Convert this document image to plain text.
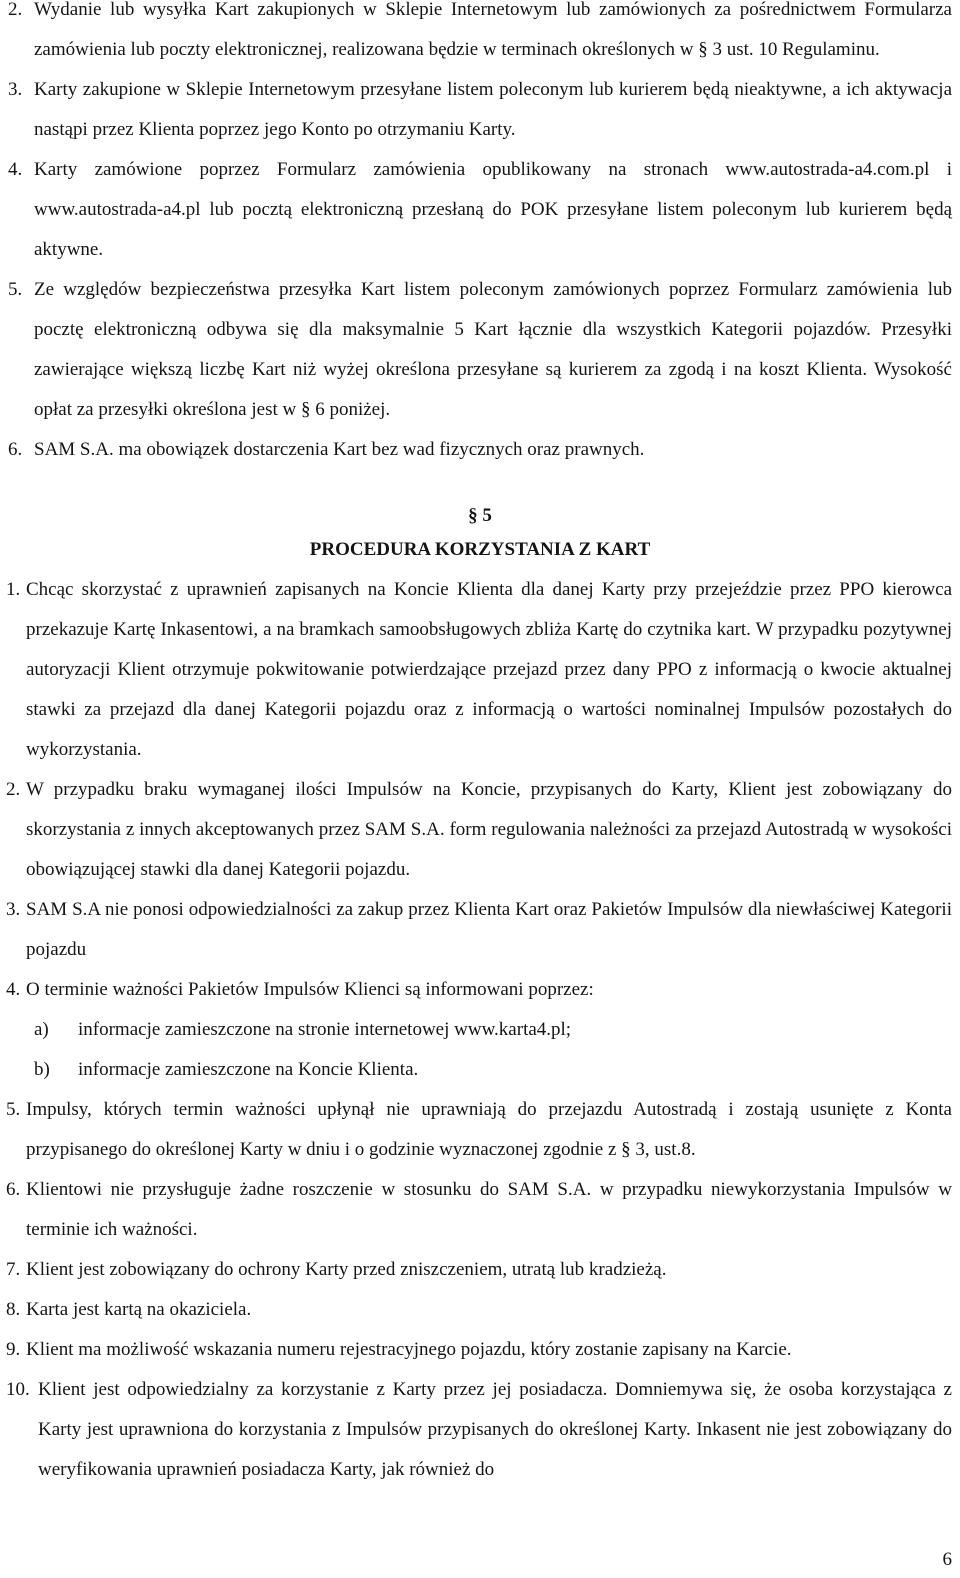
2. Wydanie lub wysyłka Kart zakupionych w Sklepie Internetowym lub zamówionych za pośrednictwem Formularza zamówienia lub poczty elektronicznej, realizowana będzie w terminach określonych w § 3 ust. 10 Regulaminu.
3. Karty zakupione w Sklepie Internetowym przesyłane listem poleconym lub kurierem będą nieaktywne, a ich aktywacja nastąpi przez Klienta poprzez jego Konto po otrzymaniu Karty.
4. Karty zamówione poprzez Formularz zamówienia opublikowany na stronach www.autostrada-a4.com.pl i www.autostrada-a4.pl lub pocztą elektroniczną przesłaną do POK przesyłane listem poleconym lub kurierem będą aktywne.
5. Ze względów bezpieczeństwa przesyłka Kart listem poleconym zamówionych poprzez Formularz zamówienia lub pocztę elektroniczną odbywa się dla maksymalnie 5 Kart łącznie dla wszystkich Kategorii pojazdów. Przesyłki zawierające większą liczbę Kart niż wyżej określona przesyłane są kurierem za zgodą i na koszt Klienta. Wysokość opłat za przesyłki określona jest w § 6 poniżej.
6. SAM S.A. ma obowiązek dostarczenia Kart bez wad fizycznych oraz prawnych.
§ 5
PROCEDURA KORZYSTANIA Z KART
1. Chcąc skorzystać z uprawnień zapisanych na Koncie Klienta dla danej Karty przy przejeździe przez PPO kierowca przekazuje Kartę Inkasentowi, a na bramkach samoobsługowych zbliża Kartę do czytnika kart. W przypadku pozytywnej autoryzacji Klient otrzymuje pokwitowanie potwierdzające przejazd przez dany PPO z informacją o kwocie aktualnej stawki za przejazd dla danej Kategorii pojazdu oraz z informacją o wartości nominalnej Impulsów pozostałych do wykorzystania.
2. W przypadku braku wymaganej ilości Impulsów na Koncie, przypisanych do Karty, Klient jest zobowiązany do skorzystania z innych akceptowanych przez SAM S.A. form regulowania należności za przejazd Autostradą w wysokości obowiązującej stawki dla danej Kategorii pojazdu.
3. SAM S.A nie ponosi odpowiedzialności za zakup przez Klienta Kart oraz Pakietów Impulsów dla niewłaściwej Kategorii pojazdu
4. O terminie ważności Pakietów Impulsów Klienci są informowani poprzez:
a)	informacje zamieszczone na stronie internetowej www.karta4.pl;
b)	informacje zamieszczone na Koncie Klienta.
5. Impulsy, których termin ważności upłynął nie uprawniają do przejazdu Autostradą i zostają usunięte z Konta przypisanego do określonej Karty w dniu i o godzinie wyznaczonej zgodnie z § 3, ust.8.
6. Klientowi nie przysługuje żadne roszczenie w stosunku do SAM S.A. w przypadku niewykorzystania Impulsów w terminie ich ważności.
7. Klient jest zobowiązany do ochrony Karty przed zniszczeniem, utratą lub kradzieżą.
8. Karta jest kartą na okaziciela.
9. Klient ma możliwość wskazania numeru rejestracyjnego pojazdu, który zostanie zapisany na Karcie.
10. Klient jest odpowiedzialny za korzystanie z Karty przez jej posiadacza. Domniemywa się, że osoba korzystająca z Karty jest uprawniona do korzystania z Impulsów przypisanych do określonej Karty. Inkasent nie jest zobowiązany do weryfikowania uprawnień posiadacza Karty, jak również do
6
